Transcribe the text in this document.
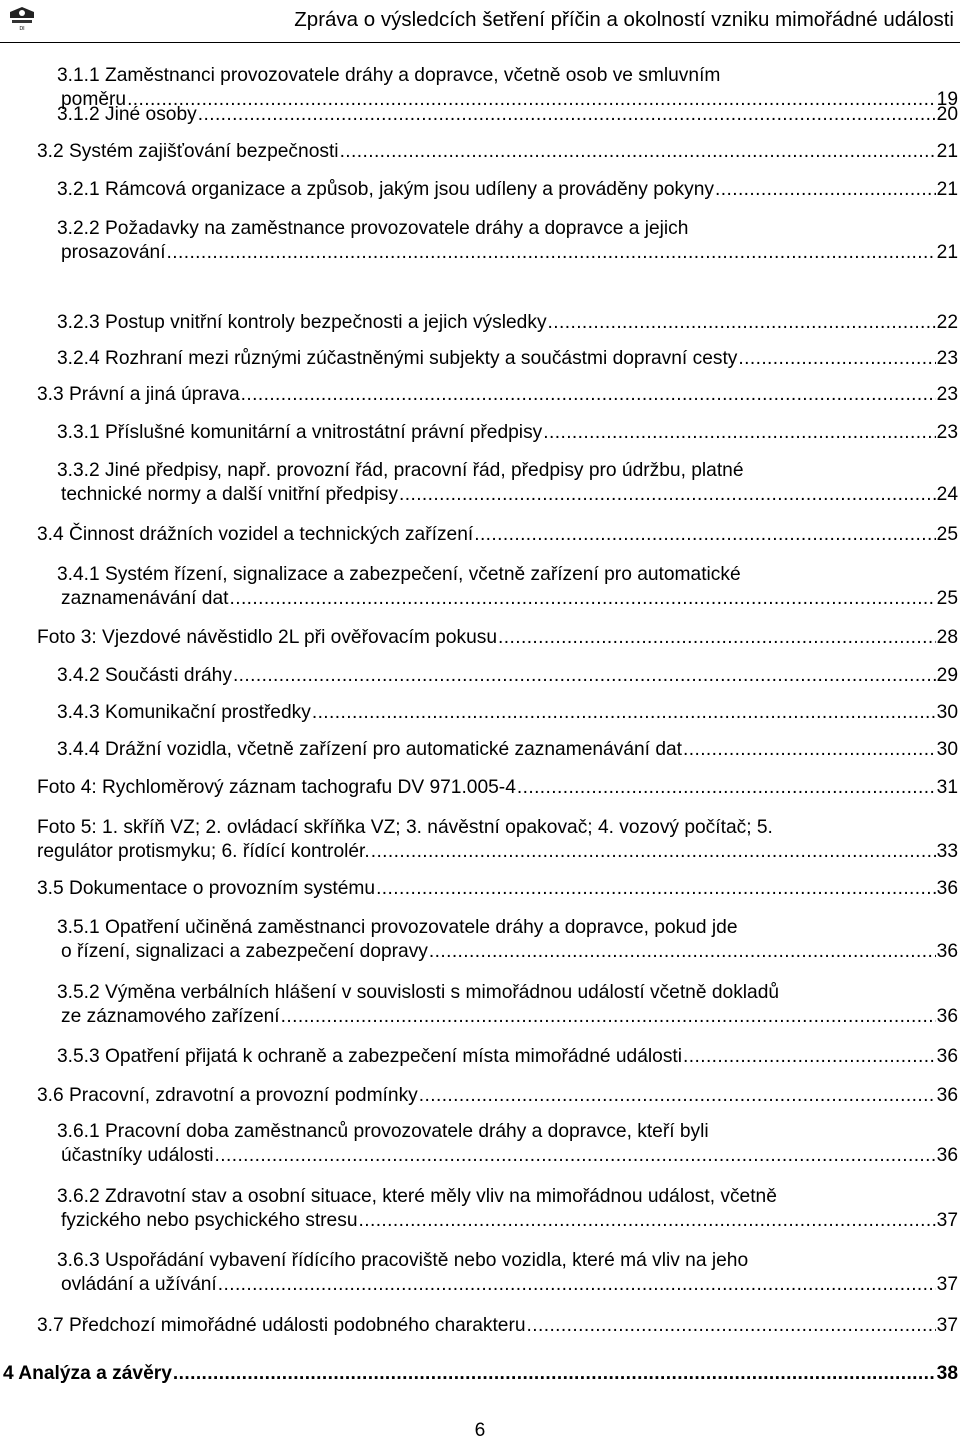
DI	Zpráva o výsledcích šetření příčin a okolností vzniku mimořádné události
3.1.1 Zaměstnanci provozovatele dráhy a dopravce, včetně osob ve smluvním
poměru .....	19
3.1.2 Jiné osoby .....	20
3.2 Systém zajišťování bezpečnosti .....	21
3.2.1 Rámcová organizace a způsob, jakým jsou udíleny a prováděny pokyny .....	21
3.2.2 Požadavky na zaměstnance provozovatele dráhy a dopravce a jejich
prosazování .....	21
3.2.3 Postup vnitřní kontroly bezpečnosti a jejich výsledky .....	22
3.2.4 Rozhraní mezi různými zúčastněnými subjekty a součástmi dopravní cesty .....	23
3.3 Právní a jiná úprava .....	23
3.3.1 Příslušné komunitární a vnitrostátní právní předpisy .....	23
3.3.2 Jiné předpisy, např. provozní řád, pracovní řád, předpisy pro údržbu, platné
technické normy a další vnitřní předpisy .....	24
3.4 Činnost drážních vozidel a technických zařízení .....	25
3.4.1 Systém řízení, signalizace a zabezpečení, včetně zařízení pro automatické
zaznamenávání dat .....	25
Foto 3: Vjezdové návěstidlo 2L při ověřovacím pokusu .....	28
3.4.2 Součásti dráhy .....	29
3.4.3 Komunikační prostředky .....	30
3.4.4 Drážní vozidla, včetně zařízení pro automatické zaznamenávání dat .....	30
Foto 4: Rychloměrový záznam tachografu DV 971.005-4 .....	31
Foto 5: 1. skříň VZ; 2. ovládací skříňka VZ; 3. návěstní opakovač; 4. vozový počítač; 5.
regulátor protismyku; 6. řídící kontrolér. .....	33
3.5 Dokumentace o provozním systému .....	36
3.5.1 Opatření učiněná zaměstnanci provozovatele dráhy a dopravce, pokud jde
o řízení, signalizaci a zabezpečení dopravy .....	36
3.5.2 Výměna verbálních hlášení v souvislosti s mimořádnou událostí včetně dokladů
ze záznamového zařízení .....	36
3.5.3 Opatření přijatá k ochraně a zabezpečení místa mimořádné události .....	36
3.6 Pracovní, zdravotní a provozní podmínky .....	36
3.6.1 Pracovní doba zaměstnanců provozovatele dráhy a dopravce, kteří byli
účastníky události .....	36
3.6.2 Zdravotní stav a osobní situace, které měly vliv na mimořádnou událost, včetně
fyzického nebo psychického stresu .....	37
3.6.3 Uspořádání vybavení řídícího pracoviště nebo vozidla, které má vliv na jeho
ovládání a užívání .....	37
3.7 Předchozí mimořádné události podobného charakteru .....	37
4 Analýza a závěry .....	38
6
